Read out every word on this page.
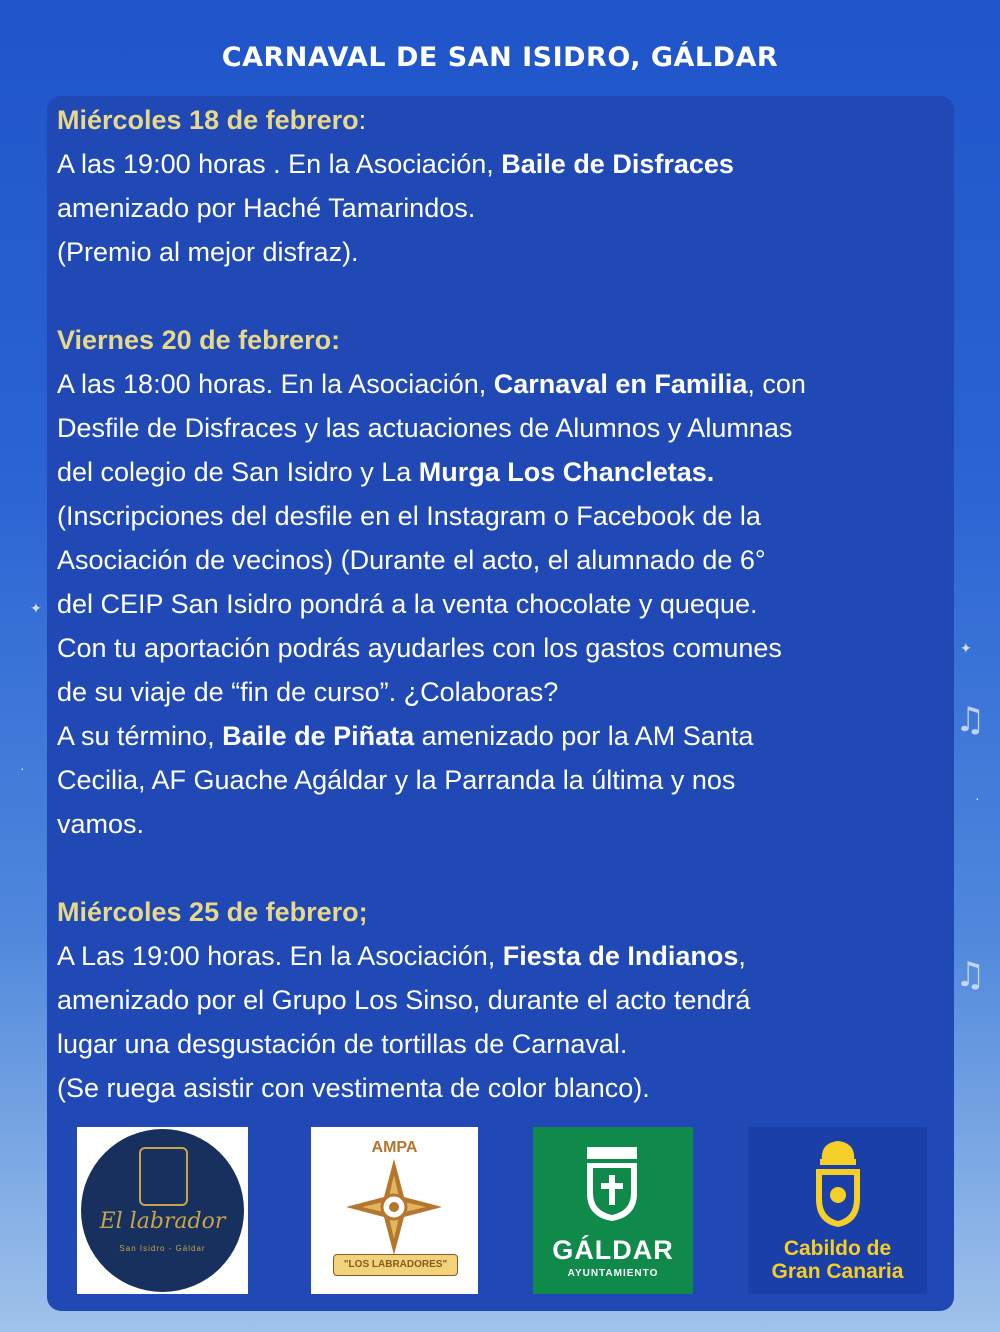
CARNAVAL DE SAN ISIDRO, GÁLDAR
✦
·
✦
·
♫
♫
Miércoles 18 de febrero:
A las 19:00 horas . En la Asociación, Baile de Disfraces
amenizado por Haché Tamarindos.
(Premio al mejor disfraz).
Viernes 20 de febrero:
A las 18:00 horas. En la Asociación, Carnaval en Familia, con
Desfile de Disfraces y las actuaciones de Alumnos y Alumnas
del colegio de San Isidro y La Murga Los Chancletas.
(Inscripciones del desfile en el Instagram o Facebook de la
Asociación de vecinos) (Durante el acto, el alumnado de 6°
del CEIP San Isidro pondrá a la venta chocolate y queque.
Con tu aportación podrás ayudarles con los gastos comunes
de su viaje de “fin de curso”. ¿Colaboras?
A su término, Baile de Piñata amenizado por la AM Santa
Cecilia, AF Guache Agáldar y la Parranda la última y nos
vamos.
Miércoles 25 de febrero;
A Las 19:00 horas. En la Asociación, Fiesta de Indianos,
amenizado por el Grupo Los Sinso, durante el acto tendrá
lugar una desgustación de tortillas de Carnaval.
(Se ruega asistir con vestimenta de color blanco).
El labrador
San Isidro - Gáldar
AMPA
"LOS LABRADORES"	GÁLDAR
AYUNTAMIENTO
Cabildo de
Gran Canaria
